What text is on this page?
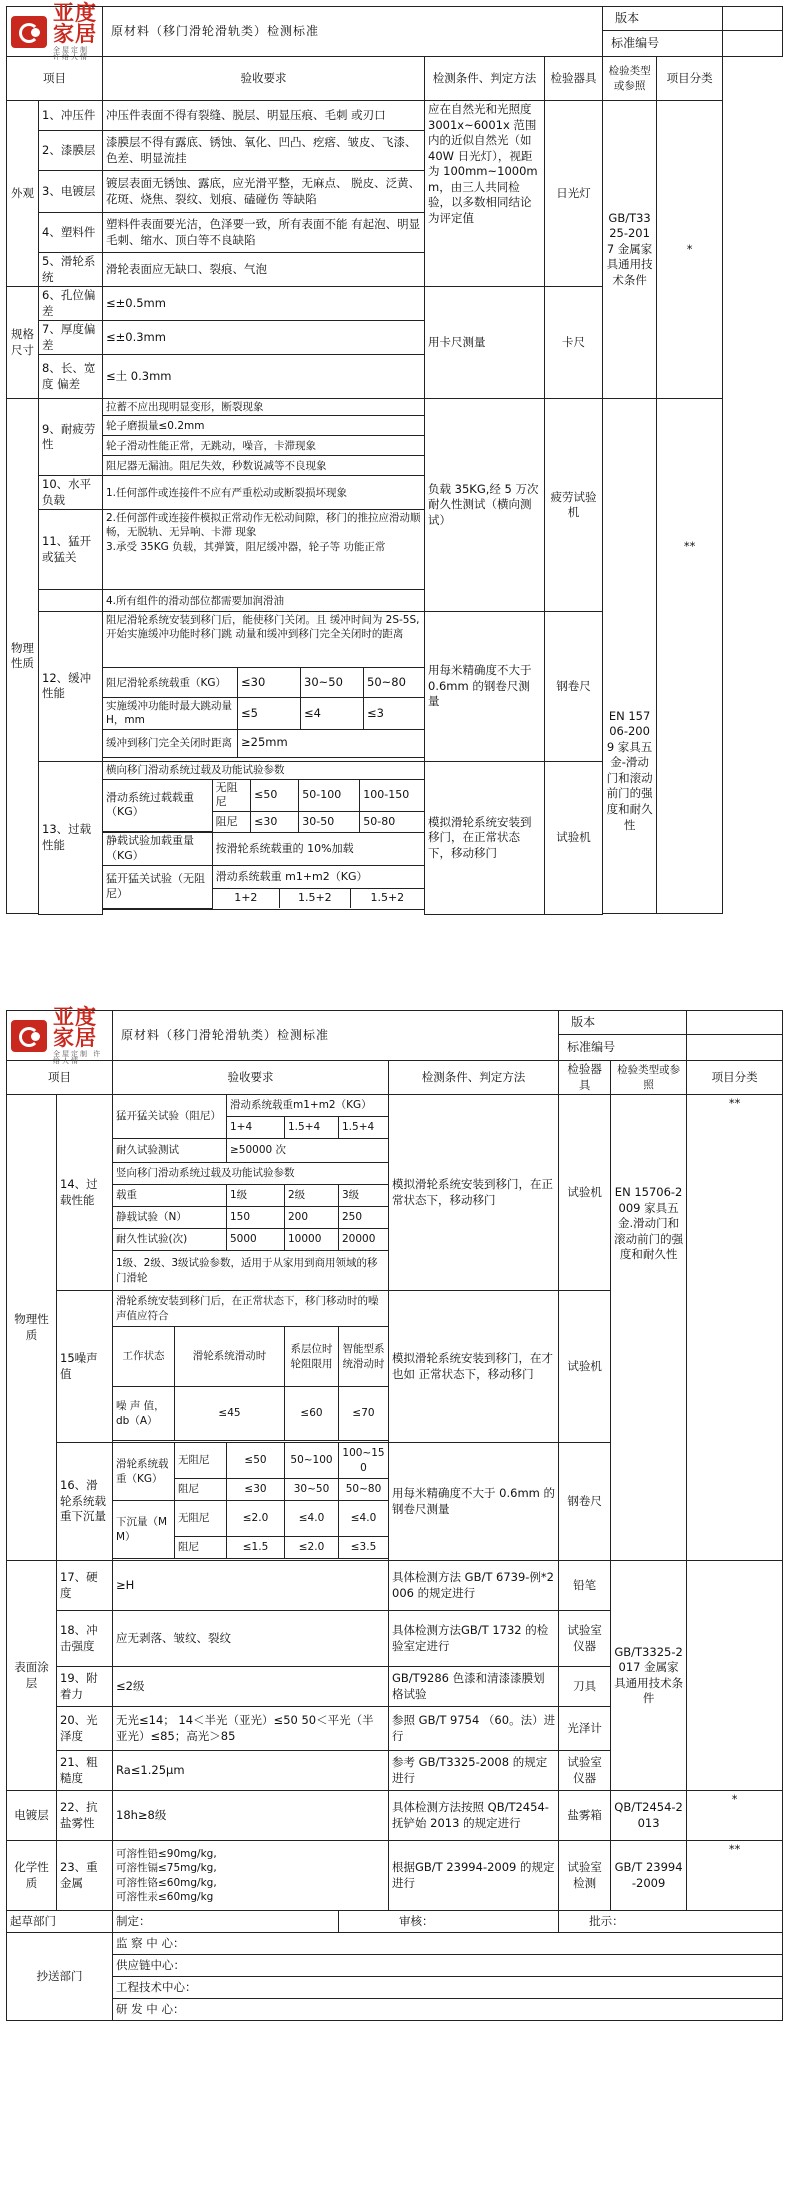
亚度家居
全屋定制 许给人情
	原材料（移门滑轮滑轨类）检测标准	版本	
标准编号	
项目	验收要求	检测条件、判定方法	检验器具	检验类型或参照	项目分类
外观	1、冲压件	冲压件表面不得有裂缝、脱层、明显压痕、毛刺 或刃口	应在自然光和光照度 3001x~6001x 范围内的近似自然光（如 40W 日光灯），视距为 100mm~1000mm，由三人共同检验，以多数相同结论为评定值	日光灯	GB/T3325-2017 金属家具通用技术条件	*
2、漆膜层	漆膜层不得有露底、锈蚀、氧化、凹凸、疙瘩、皱皮、飞漆、色差、明显流挂
3、电镀层	镀层表面无锈蚀、露底，应光滑平整，无麻点、 脱皮、泛黄、花斑、烧焦、裂纹、划痕、磕碰伤 等缺陷
4、塑料件	塑料件表面要光洁，色泽要一致，所有表面不能 有起泡、明显毛刺、缩水、顶白等不良缺陷
5、滑轮系统	滑轮表面应无缺口、裂痕、气泡
规格尺寸	6、孔位偏差	≤±0.5mm	用卡尺测量	卡尺
7、厚度偏差	≤±0.3mm
8、长、宽度 偏差	≤土 0.3mm
物理性质	9、耐疲劳性	拉蓄不应出现明显变形，断裂现象	负载 35KG,经 5 万次耐久性测试（横向测试）	疲劳试验机	EN 15706-2009 家具五金-滑动门和滚动前门的强度和耐久性	**
轮子磨损量≤0.2mm
轮子滑动性能正常，无跳动，噪音，卡滞现象
阻尼器无漏油。阻尼失效，秒数说减等不良现象
10、水平负载	1.任何部件或连接件不应有严重松动或断裂损坏现象
11、猛开或猛关	
2.任何部件或连接件模拟正常动作无松动间隙，移门的推拉应滑动顺畅，无脱轨、无异响、卡滞 现象
3.承受 35KG 负载，其弹簧，阻尼缓冲器，轮子等 功能正常

	4.所有组件的滑动部位都需要加润滑油
12、缓冲性能	阻尼滑轮系统安装到移门后，能使移门关闭。且 缓冲时间为 2S-5S,开始实施缓冲功能时移门跳 动量和缓冲到移门完全关闭时的距离	用每米精确度不大于 0.6mm 的钢卷尺测量	钢卷尺
阻尼滑轮系统载重（KG）	≤30	30~50	50~80
实施缓冲功能时最大跳动量 H，mm	≤5	≤4	≤3
缓冲到移门完全关闭时距离	≥25mm

13、过载性能	横向移门滑动系统过载及功能试验参数	模拟滑轮系统安装到移门，在正常状态下，移动移门	试验机

滑动系统过载载重（KG）	无阻尼	≤50	50-100	100-150
阻尼	≤30	30-50	50-80

静载试验加载重量（KG）	按滑轮系统载重的 10%加载

猛开猛关试验（无阻尼）	滑动系统载重 m1+m2（KG）
1+2	1.5+2	1.5+2

亚度家居
全屋定制 许给人情		原材料（移门滑轮滑轨类）检测标准						版本		
								标准编号		
项目		验收要求					检测条件、判定方法	检验器具	检验类型或参照	项目分类
物理性质	14、过载性能	猛开猛关试验（阻尼）		滑动系统载重m1+m2（KG）			模拟滑轮系统安装到移门，在正常状态下，移动移门	试验机	EN 15706-2009 家具五金.滑动门和滚动前门的强度和耐久性	**
				1+4	1.5+4	1.5+4				
		耐久试验测试		≥50000 次						
		竖向移门滑动系统过载及功能试验参数								
		载重		1级	2级	3级				
		静载试验（N）		150	200	250				
		耐久性试验(次)		5000	10000	20000				
		1级、2级、3级试验参数，适用于从家用到商用领域的移门滑轮								
	15噪声值	滑轮系统安装到移门后，在正常状态下，移门移动时的噪声值应符合					模拟滑轮系统安装到移门，在才也如 正常状态下，移动移门	试验机		
		工作状态	滑轮系统滑动时		系层位时轮阻限用	智能型系统滑动时				
		噪 声 值，db（A）	≤45		≤60	≤70				

	16、滑轮系统载重下沉量	滑轮系统载重（KG）	无阻尼	≤50	50~100	100~150	用每米精确度不大于 0.6mm 的钢卷尺测量	钢卷尺		
			阻尼	≤30	30~50	50~80				
		下沉量（MM）	无阻尼	≤2.0	≤4.0	≤4.0				
			阻尼	≤1.5	≤2.0	≤3.5				

表面涂层	17、硬度	≥H					具体检测方法 GB/T 6739-例*2006 的规定进行	铅笔	GB/T3325-2017 金属家具通用技术条件	
	18、冲击强度	应无剥落、皱纹、裂纹					具体检测方法GB/T 1732 的检验室定进行	试验室仪器		
	19、附着力	≤2级					GB/T9286 色漆和清漆漆膜划格试验	刀具		
	20、光泽度	无光≤14； 14＜半光（亚光）≤50 50＜平光（半亚光）≤85；高光＞85					参照 GB/T 9754 （60。法）进行	光泽计		
	21、粗糙度	Ra≤1.25μm					参考 GB/T3325-2008 的规定进行	试验室仪器		
电镀层	22、抗盐雾性	18h≥8级					具体检测方法按照 QB/T2454-抚铲始 2013 的规定进行	盐雾箱	QB/T2454-2013	*
化学性质	23、重金属	可溶性铅≤90mg/kg,
可溶性镉≤75mg/kg,
可溶性铬≤60mg/kg,
可溶性汞≤60mg/kg					根据GB/T 23994-2009 的规定进行	试验室检测	GB/T 23994-2009	**
起草部门		制定：				审核：		批示：		
抄送部门		监 察 中 心：								
		供应链中心：								
		工程技术中心：								
		研 发 中 心：								
